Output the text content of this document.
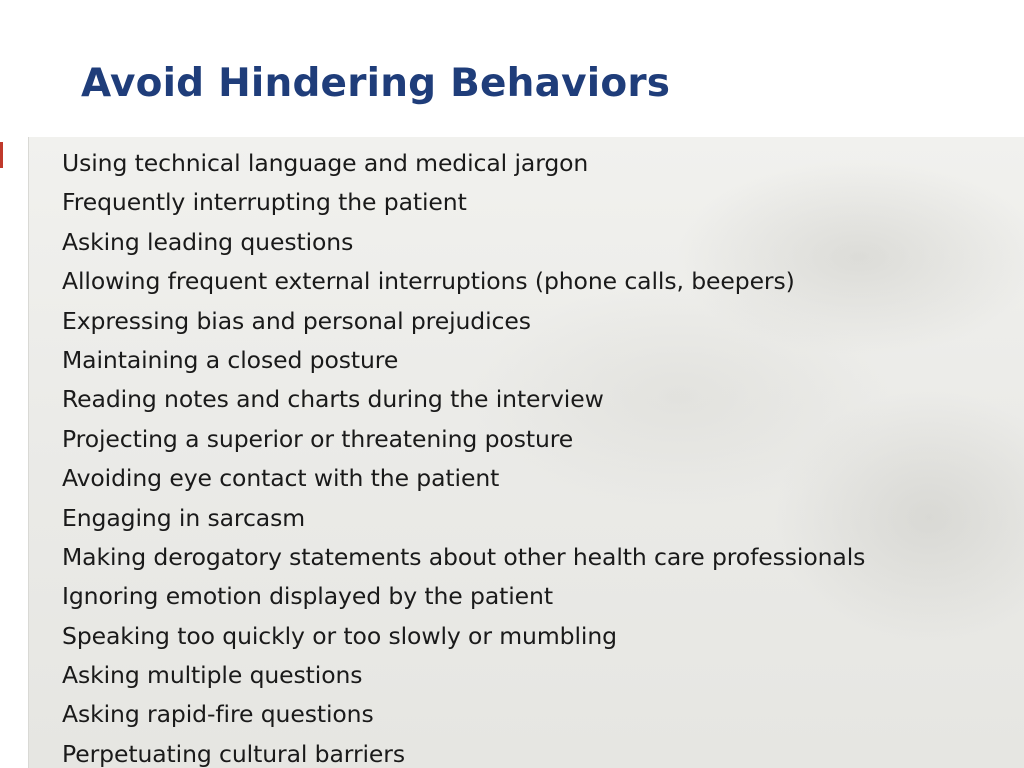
Avoid Hindering Behaviors
Using technical language and medical jargon
Frequently interrupting the patient
Asking leading questions
Allowing frequent external interruptions (phone calls, beepers)
Expressing bias and personal prejudices
Maintaining a closed posture
Reading notes and charts during the interview
Projecting a superior or threatening posture
Avoiding eye contact with the patient
Engaging in sarcasm
Making derogatory statements about other health care professionals
Ignoring emotion displayed by the patient
Speaking too quickly or too slowly or mumbling
Asking multiple questions
Asking rapid-fire questions
Perpetuating cultural barriers
